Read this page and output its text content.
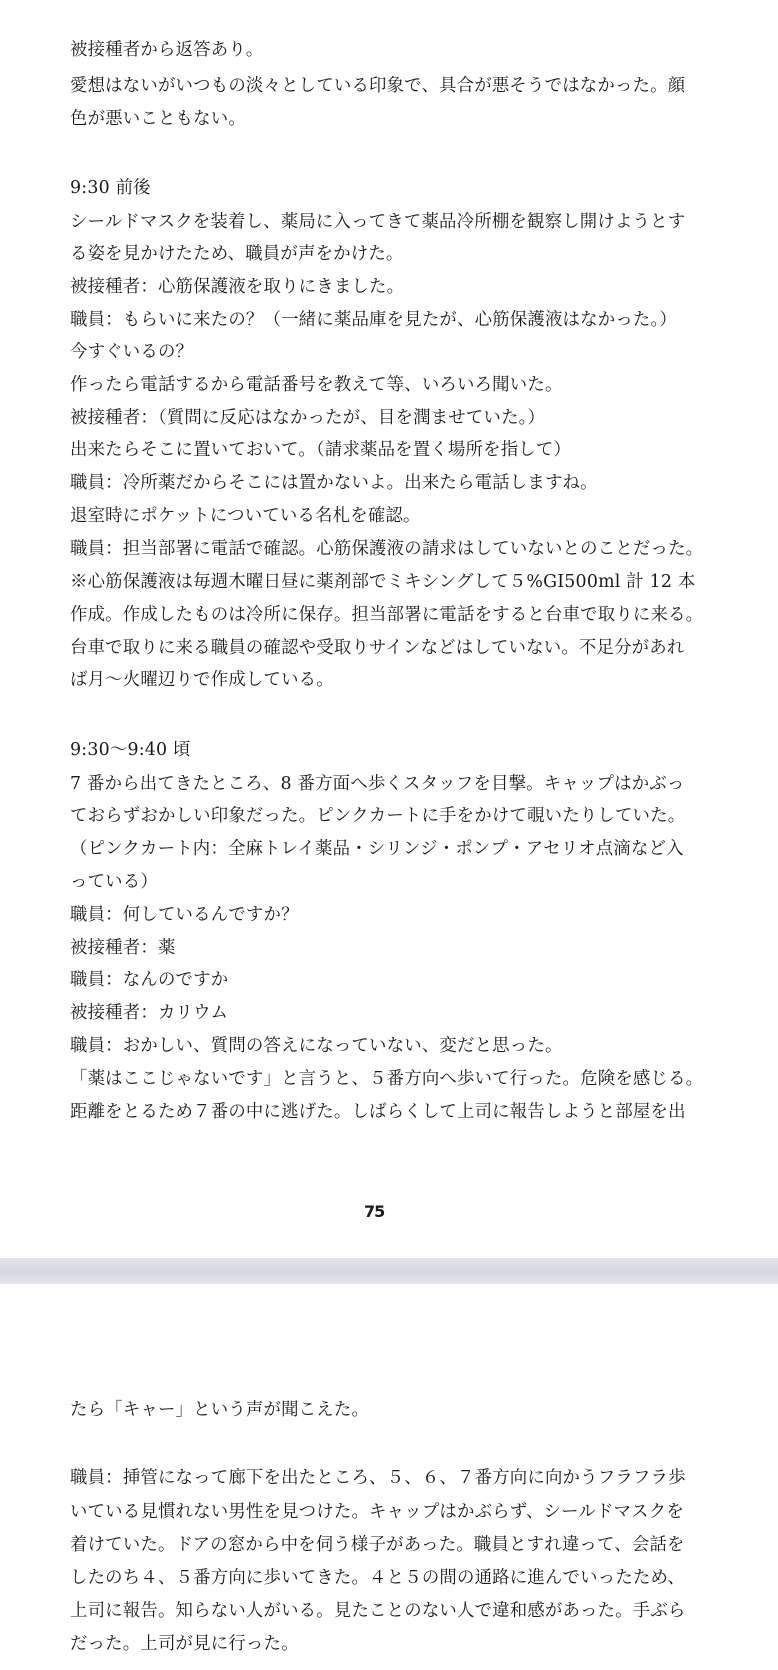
被接種者から返答あり。
愛想はないがいつもの淡々としている印象で、具合が悪そうではなかった。顔
色が悪いこともない。
9:30 前後
シールドマスクを装着し、薬局に入ってきて薬品冷所棚を観察し開けようとす
る姿を見かけたため、職員が声をかけた。
被接種者：心筋保護液を取りにきました。
職員：もらいに来たの？（一緒に薬品庫を見たが、心筋保護液はなかった。）
今すぐいるの？
作ったら電話するから電話番号を教えて等、いろいろ聞いた。
被接種者：（質問に反応はなかったが、目を潤ませていた。）
出来たらそこに置いておいて。（請求薬品を置く場所を指して）
職員：冷所薬だからそこには置かないよ。出来たら電話しますね。
退室時にポケットについている名札を確認。
職員：担当部署に電話で確認。心筋保護液の請求はしていないとのことだった。
※心筋保護液は毎週木曜日昼に薬剤部でミキシングして５%GI500ml 計 12 本
作成。作成したものは冷所に保存。担当部署に電話をすると台車で取りに来る。
台車で取りに来る職員の確認や受取りサインなどはしていない。不足分があれ
ば月～火曜辺りで作成している。
9:30～9:40 頃
7 番から出てきたところ、8 番方面へ歩くスタッフを目撃。キャップはかぶっ
ておらずおかしい印象だった。ピンクカートに手をかけて覗いたりしていた。
（ピンクカート内：全麻トレイ薬品・シリンジ・ポンプ・アセリオ点滴など入
っている）
職員：何しているんですか？
被接種者：薬
職員：なんのですか
被接種者：カリウム
職員：おかしい、質問の答えになっていない、変だと思った。
「薬はここじゃないです」と言うと、５番方向へ歩いて行った。危険を感じる。
距離をとるため７番の中に逃げた。しばらくして上司に報告しようと部屋を出
75
たら「キャー」という声が聞こえた。
職員：挿管になって廊下を出たところ、５、６、７番方向に向かうフラフラ歩
いている見慣れない男性を見つけた。キャップはかぶらず、シールドマスクを
着けていた。ドアの窓から中を伺う様子があった。職員とすれ違って、会話を
したのち４、５番方向に歩いてきた。４と５の間の通路に進んでいったため、
上司に報告。知らない人がいる。見たことのない人で違和感があった。手ぶら
だった。上司が見に行った。
